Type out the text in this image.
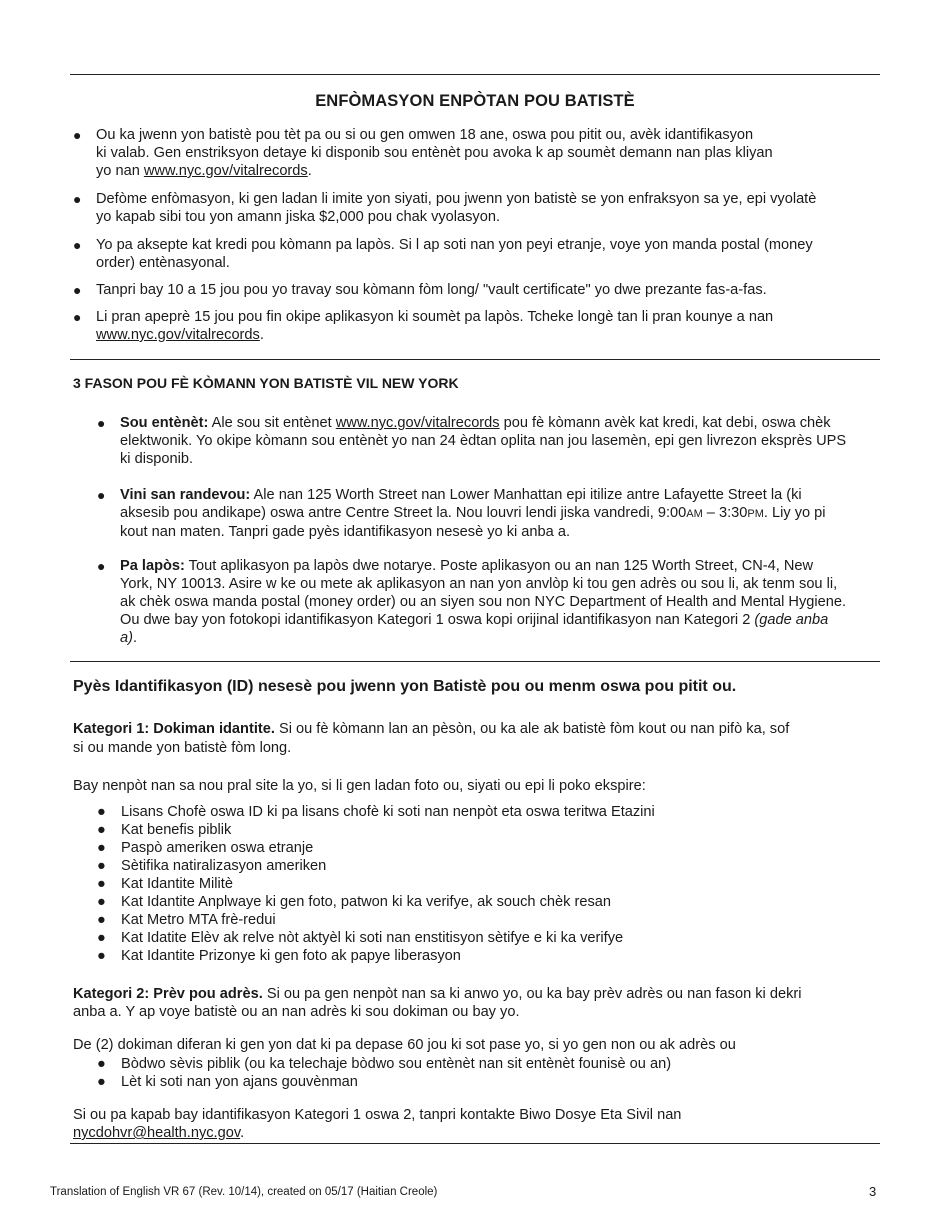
ENFÒMASYON ENPÒTAN POU BATISTÈ
● Ou ka jwenn yon batistè pou tèt pa ou si ou gen omwen 18 ane, oswa pou pitit ou, avèk idantifikasyon
ki valab. Gen enstriksyon detaye ki disponib sou entènèt pou avoka k ap soumèt demann nan plas kliyan
yo nan www.nyc.gov/vitalrecords.
● Defòme enfòmasyon, ki gen ladan li imite yon siyati, pou jwenn yon batistè se yon enfraksyon sa ye, epi vyolatè
yo kapab sibi tou yon amann jiska $2,000 pou chak vyolasyon.
● Yo pa aksepte kat kredi pou kòmann pa lapòs. Si l ap soti nan yon peyi etranje, voye yon manda postal (money
order) entènasyonal.
● Tanpri bay 10 a 15 jou pou yo travay sou kòmann fòm long/ "vault certificate" yo dwe prezante fas-a-fas.
● Li pran apeprè 15 jou pou fin okipe aplikasyon ki soumèt pa lapòs. Tcheke longè tan li pran kounye a nan
www.nyc.gov/vitalrecords.
3 FASON POU FÈ KÒMANN YON BATISTÈ VIL NEW YORK
● Sou entènèt: Ale sou sit entènet www.nyc.gov/vitalrecords pou fè kòmann avèk kat kredi, kat debi, oswa chèk
elektwonik. Yo okipe kòmann sou entènèt yo nan 24 èdtan oplita nan jou lasemèn, epi gen livrezon eksprès UPS
ki disponib.
● Vini san randevou: Ale nan 125 Worth Street nan Lower Manhattan epi itilize antre Lafayette Street la (ki
aksesib pou andikape) oswa antre Centre Street la. Nou louvri lendi jiska vandredi, 9:00AM – 3:30PM. Liy yo pi
kout nan maten. Tanpri gade pyès idantifikasyon nesesè yo ki anba a.
● Pa lapòs: Tout aplikasyon pa lapòs dwe notarye. Poste aplikasyon ou an nan 125 Worth Street, CN-4, New
York, NY 10013. Asire w ke ou mete ak aplikasyon an nan yon anvlòp ki tou gen adrès ou sou li, ak tenm sou li,
ak chèk oswa manda postal (money order) ou an siyen sou non NYC Department of Health and Mental Hygiene.
Ou dwe bay yon fotokopi idantifikasyon Kategori 1 oswa kopi orijinal idantifikasyon nan Kategori 2 (gade anba
a).
Pyès Idantifikasyon (ID) nesesè pou jwenn yon Batistè pou ou menm oswa pou pitit ou.
Kategori 1: Dokiman idantite. Si ou fè kòmann lan an pèsòn, ou ka ale ak batistè fòm kout ou nan pifò ka, sof
si ou mande yon batistè fòm long.
Bay nenpòt nan sa nou pral site la yo, si li gen ladan foto ou, siyati ou epi li poko ekspire:
● Lisans Chofè oswa ID ki pa lisans chofè ki soti nan nenpòt eta oswa teritwa Etazini
● Kat benefis piblik
● Paspò ameriken oswa etranje
● Sètifika natiralizasyon ameriken
● Kat Idantite Militè
● Kat Idantite Anplwaye ki gen foto, patwon ki ka verifye, ak souch chèk resan
● Kat Metro MTA frè-redui
● Kat Idatite Elèv ak relve nòt aktyèl ki soti nan enstitisyon sètifye e ki ka verifye
● Kat Idantite Prizonye ki gen foto ak papye liberasyon
Kategori 2: Prèv pou adrès. Si ou pa gen nenpòt nan sa ki anwo yo, ou ka bay prèv adrès ou nan fason ki dekri
anba a. Y ap voye batistè ou an nan adrès ki sou dokiman ou bay yo.
De (2) dokiman diferan ki gen yon dat ki pa depase 60 jou ki sot pase yo, si yo gen non ou ak adrès ou
● Bòdwo sèvis piblik (ou ka telechaje bòdwo sou entènèt nan sit entènèt founisè ou an)
● Lèt ki soti nan yon ajans gouvènman
Si ou pa kapab bay idantifikasyon Kategori 1 oswa 2, tanpri kontakte Biwo Dosye Eta Sivil nan
nycdohvr@health.nyc.gov.
Translation of English VR 67 (Rev. 10/14), created on 05/17 (Haitian Creole)	3
